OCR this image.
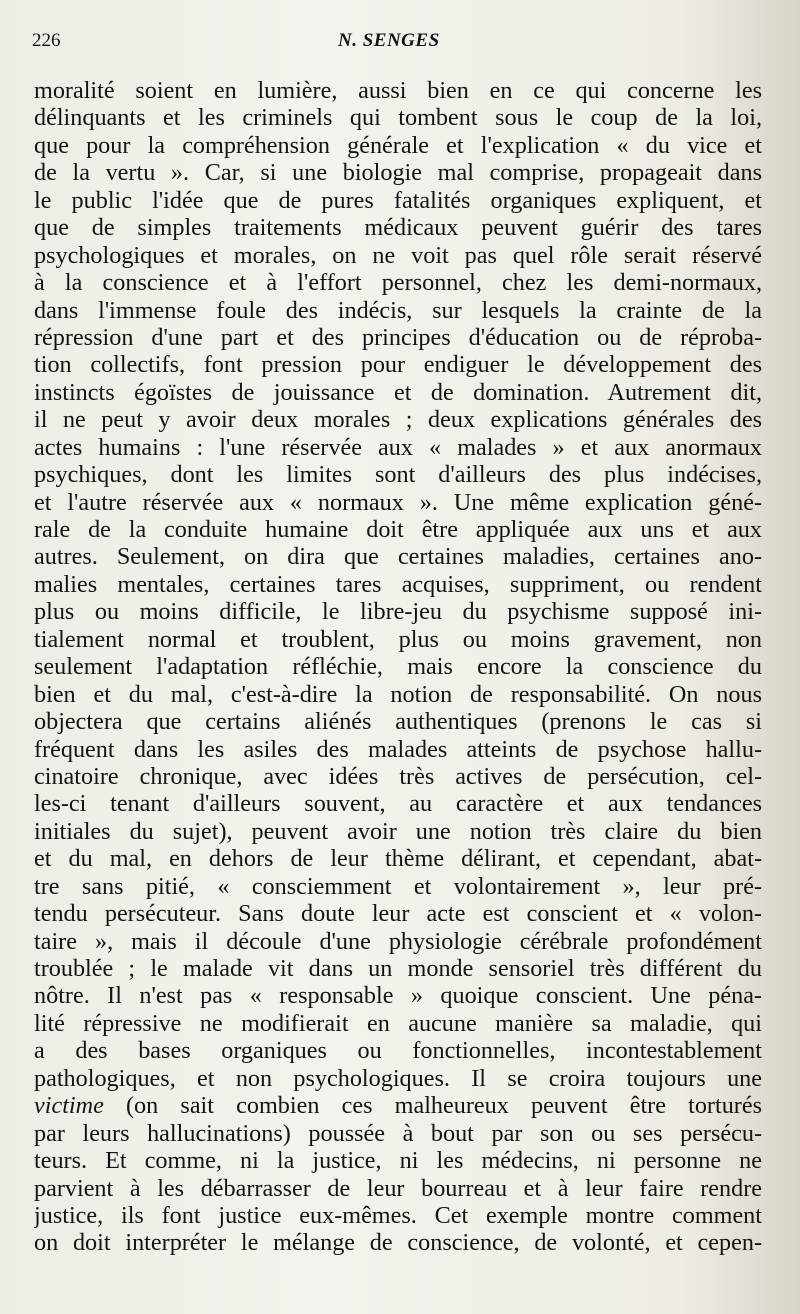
226	N. SENGES
moralité soient en lumière, aussi bien en ce qui concerne les
délinquants et les criminels qui tombent sous le coup de la loi,
que pour la compréhension générale et l'explication « du vice et
de la vertu ». Car, si une biologie mal comprise, propageait dans
le public l'idée que de pures fatalités organiques expliquent, et
que de simples traitements médicaux peuvent guérir des tares
psychologiques et morales, on ne voit pas quel rôle serait réservé
à la conscience et à l'effort personnel, chez les demi-normaux,
dans l'immense foule des indécis, sur lesquels la crainte de la
répression d'une part et des principes d'éducation ou de réproba-
tion collectifs, font pression pour endiguer le développement des
instincts égoïstes de jouissance et de domination. Autrement dit,
il ne peut y avoir deux morales ; deux explications générales des
actes humains : l'une réservée aux « malades » et aux anormaux
psychiques, dont les limites sont d'ailleurs des plus indécises,
et l'autre réservée aux « normaux ». Une même explication géné-
rale de la conduite humaine doit être appliquée aux uns et aux
autres. Seulement, on dira que certaines maladies, certaines ano-
malies mentales, certaines tares acquises, suppriment, ou rendent
plus ou moins difficile, le libre-jeu du psychisme supposé ini-
tialement normal et troublent, plus ou moins gravement, non
seulement l'adaptation réfléchie, mais encore la conscience du
bien et du mal, c'est-à-dire la notion de responsabilité. On nous
objectera que certains aliénés authentiques (prenons le cas si
fréquent dans les asiles des malades atteints de psychose hallu-
cinatoire chronique, avec idées très actives de persécution, cel-
les-ci tenant d'ailleurs souvent, au caractère et aux tendances
initiales du sujet), peuvent avoir une notion très claire du bien
et du mal, en dehors de leur thème délirant, et cependant, abat-
tre sans pitié, « consciemment et volontairement », leur pré-
tendu persécuteur. Sans doute leur acte est conscient et « volon-
taire », mais il découle d'une physiologie cérébrale profondément
troublée ; le malade vit dans un monde sensoriel très différent du
nôtre. Il n'est pas « responsable » quoique conscient. Une péna-
lité répressive ne modifierait en aucune manière sa maladie, qui
a des bases organiques ou fonctionnelles, incontestablement
pathologiques, et non psychologiques. Il se croira toujours une
victime (on sait combien ces malheureux peuvent être torturés
par leurs hallucinations) poussée à bout par son ou ses persécu-
teurs. Et comme, ni la justice, ni les médecins, ni personne ne
parvient à les débarrasser de leur bourreau et à leur faire rendre
justice, ils font justice eux-mêmes. Cet exemple montre comment
on doit interpréter le mélange de conscience, de volonté, et cepen-
